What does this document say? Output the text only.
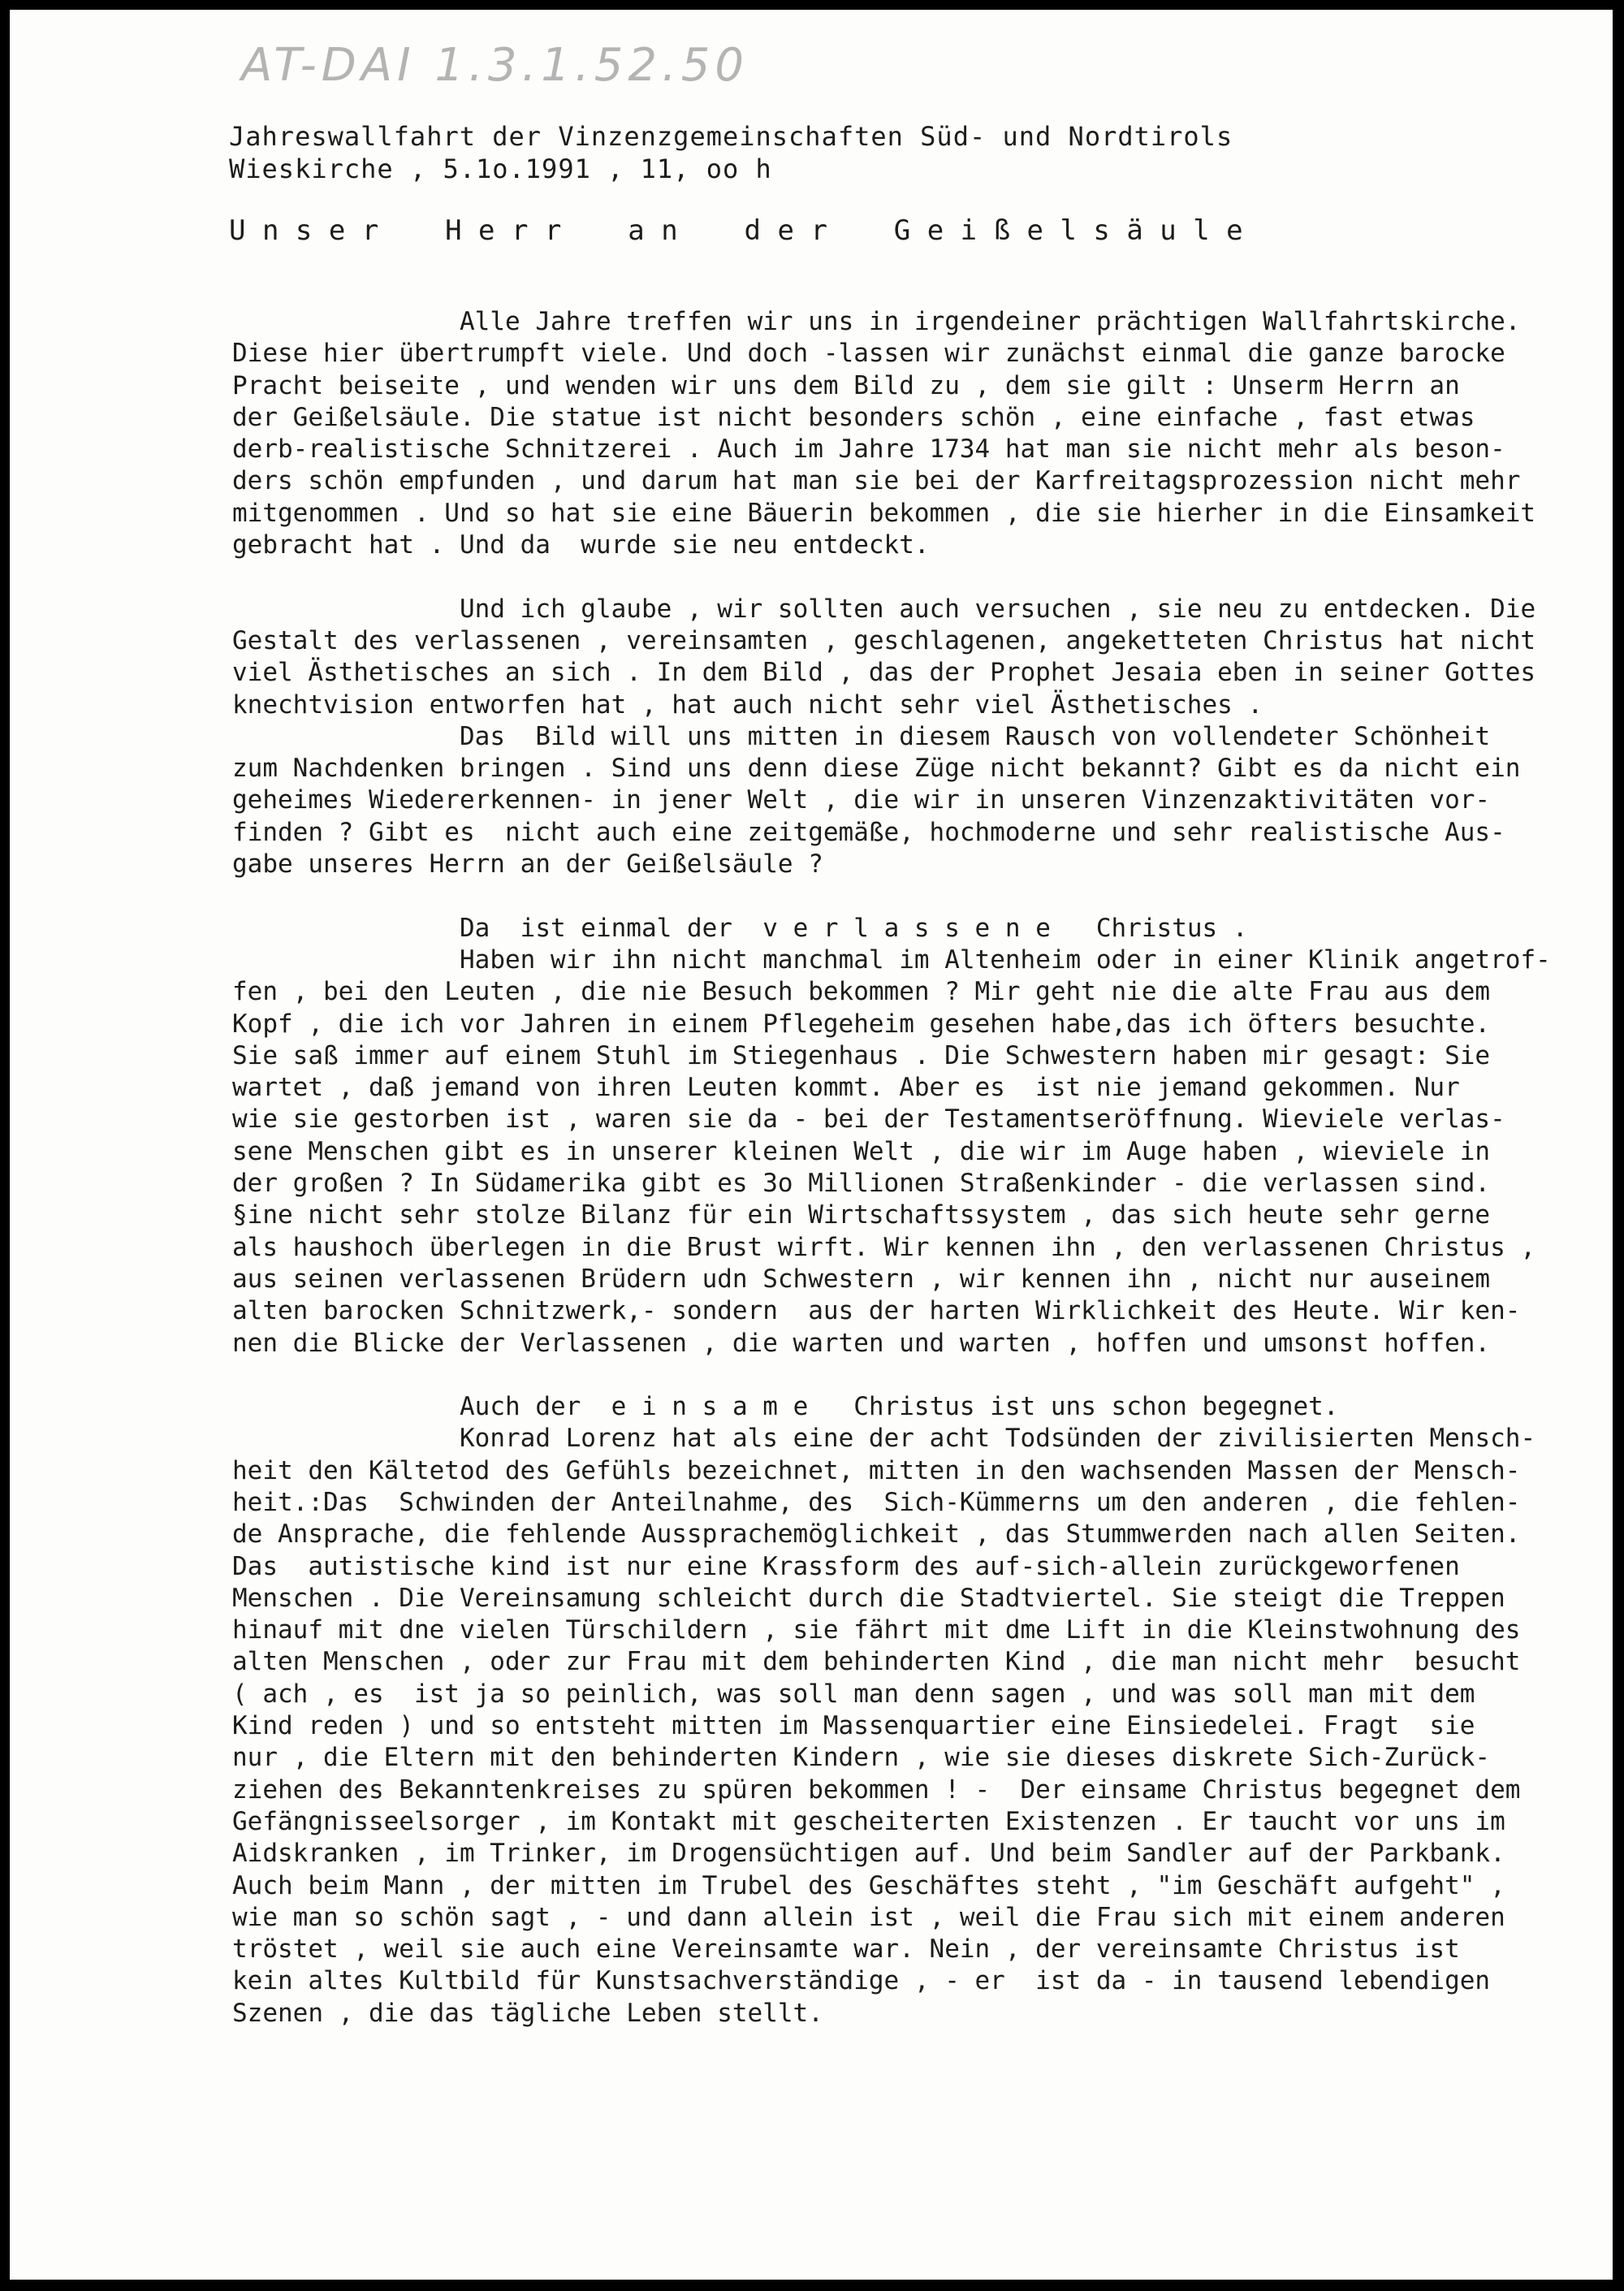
AT-DAI 1.3.1.52.50
Jahreswallfahrt der Vinzenzgemeinschaften Süd- und Nordtirols
Wieskirche , 5.1o.1991 , 11, oo h
U n s e r    H e r r    a n    d e r    G e i ß e l s ä u l e
Alle Jahre treffen wir uns in irgendeiner prächtigen Wallfahrtskirche.
Diese hier übertrumpft viele. Und doch -lassen wir zunächst einmal die ganze barocke
Pracht beiseite , und wenden wir uns dem Bild zu , dem sie gilt : Unserm Herrn an
der Geißelsäule. Die statue ist nicht besonders schön , eine einfache , fast etwas
derb-realistische Schnitzerei . Auch im Jahre 1734 hat man sie nicht mehr als beson-
ders schön empfunden , und darum hat man sie bei der Karfreitagsprozession nicht mehr
mitgenommen . Und so hat sie eine Bäuerin bekommen , die sie hierher in die Einsamkeit
gebracht hat . Und da  wurde sie neu entdeckt.
Und ich glaube , wir sollten auch versuchen , sie neu zu entdecken. Die
Gestalt des verlassenen , vereinsamten , geschlagenen, angeketteten Christus hat nicht
viel Ästhetisches an sich . In dem Bild , das der Prophet Jesaia eben in seiner Gottes
knechtvision entworfen hat , hat auch nicht sehr viel Ästhetisches .
Das  Bild will uns mitten in diesem Rausch von vollendeter Schönheit
zum Nachdenken bringen . Sind uns denn diese Züge nicht bekannt? Gibt es da nicht ein
geheimes Wiedererkennen- in jener Welt , die wir in unseren Vinzenzaktivitäten vor-
finden ? Gibt es  nicht auch eine zeitgemäße, hochmoderne und sehr realistische Aus-
gabe unseres Herrn an der Geißelsäule ?
Da  ist einmal der  v e r l a s s e n e   Christus .
Haben wir ihn nicht manchmal im Altenheim oder in einer Klinik angetrof-
fen , bei den Leuten , die nie Besuch bekommen ? Mir geht nie die alte Frau aus dem
Kopf , die ich vor Jahren in einem Pflegeheim gesehen habe,das ich öfters besuchte.
Sie saß immer auf einem Stuhl im Stiegenhaus . Die Schwestern haben mir gesagt: Sie
wartet , daß jemand von ihren Leuten kommt. Aber es  ist nie jemand gekommen. Nur
wie sie gestorben ist , waren sie da - bei der Testamentseröffnung. Wieviele verlas-
sene Menschen gibt es in unserer kleinen Welt , die wir im Auge haben , wieviele in
der großen ? In Südamerika gibt es 3o Millionen Straßenkinder - die verlassen sind.
§ine nicht sehr stolze Bilanz für ein Wirtschaftssystem , das sich heute sehr gerne
als haushoch überlegen in die Brust wirft. Wir kennen ihn , den verlassenen Christus ,
aus seinen verlassenen Brüdern udn Schwestern , wir kennen ihn , nicht nur auseinem
alten barocken Schnitzwerk,- sondern  aus der harten Wirklichkeit des Heute. Wir ken-
nen die Blicke der Verlassenen , die warten und warten , hoffen und umsonst hoffen.
Auch der  e i n s a m e   Christus ist uns schon begegnet.
Konrad Lorenz hat als eine der acht Todsünden der zivilisierten Mensch-
heit den Kältetod des Gefühls bezeichnet, mitten in den wachsenden Massen der Mensch-
heit.:Das  Schwinden der Anteilnahme, des  Sich-Kümmerns um den anderen , die fehlen-
de Ansprache, die fehlende Aussprachemöglichkeit , das Stummwerden nach allen Seiten.
Das  autistische kind ist nur eine Krassform des auf-sich-allein zurückgeworfenen
Menschen . Die Vereinsamung schleicht durch die Stadtviertel. Sie steigt die Treppen
hinauf mit dne vielen Türschildern , sie fährt mit dme Lift in die Kleinstwohnung des
alten Menschen , oder zur Frau mit dem behinderten Kind , die man nicht mehr  besucht
( ach , es  ist ja so peinlich, was soll man denn sagen , und was soll man mit dem
Kind reden ) und so entsteht mitten im Massenquartier eine Einsiedelei. Fragt  sie
nur , die Eltern mit den behinderten Kindern , wie sie dieses diskrete Sich-Zurück-
ziehen des Bekanntenkreises zu spüren bekommen ! -  Der einsame Christus begegnet dem
Gefängnisseelsorger , im Kontakt mit gescheiterten Existenzen . Er taucht vor uns im
Aidskranken , im Trinker, im Drogensüchtigen auf. Und beim Sandler auf der Parkbank.
Auch beim Mann , der mitten im Trubel des Geschäftes steht , "im Geschäft aufgeht" ,
wie man so schön sagt , - und dann allein ist , weil die Frau sich mit einem anderen
tröstet , weil sie auch eine Vereinsamte war. Nein , der vereinsamte Christus ist
kein altes Kultbild für Kunstsachverständige , - er  ist da - in tausend lebendigen
Szenen , die das tägliche Leben stellt.
